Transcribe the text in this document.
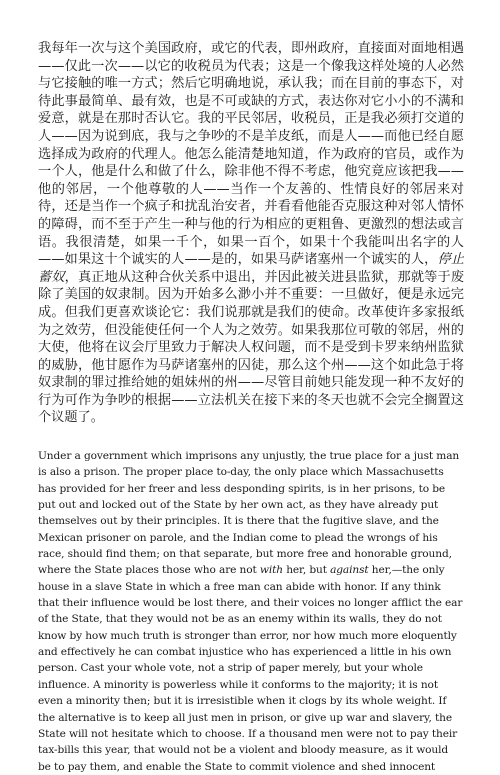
我每年一次与这个美国政府，或它的代表，即州政府，直接面对面地相遇——仅此一次——以它的收税员为代表；这是一个像我这样处境的人必然与它接触的唯一方式；然后它明确地说，承认我；而在目前的事态下，对待此事最简单、最有效，也是不可或缺的方式，表达你对它小小的不满和爱意，就是在那时否认它。我的平民邻居，收税员，正是我必须打交道的人——因为说到底，我与之争吵的不是羊皮纸，而是人——而他已经自愿选择成为政府的代理人。他怎么能清楚地知道，作为政府的官员，或作为一个人，他是什么和做了什么，除非他不得不考虑，他究竟应该把我——他的邻居，一个他尊敬的人——当作一个友善的、性情良好的邻居来对待，还是当作一个疯子和扰乱治安者，并看看他能否克服这种对邻人情怀的障碍，而不至于产生一种与他的行为相应的更粗鲁、更激烈的想法或言语。我很清楚，如果一千个，如果一百个，如果十个我能叫出名字的人——如果这十个诚实的人——是的，如果马萨诸塞州一个诚实的人，停止蓄奴，真正地从这种合伙关系中退出，并因此被关进县监狱，那就等于废除了美国的奴隶制。因为开始多么渺小并不重要：一旦做好，便是永远完成。但我们更喜欢谈论它：我们说那就是我们的使命。改革使许多家报纸为之效劳，但没能使任何一个人为之效劳。如果我那位可敬的邻居，州的大使，他将在议会厅里致力于解决人权问题，而不是受到卡罗来纳州监狱的威胁，他甘愿作为马萨诸塞州的囚徒，那么这个州——这个如此急于将奴隶制的罪过推给她的姐妹州的州——尽管目前她只能发现一种不友好的行为可作为争吵的根据——立法机关在接下来的冬天也就不会完全搁置这个议题了。

Under a government which imprisons any unjustly, the true place for a just man is also a prison. The proper place to-day, the only place which Massachusetts has provided for her freer and less desponding spirits, is in her prisons, to be put out and locked out of the State by her own act, as they have already put themselves out by their principles. It is there that the fugitive slave, and the Mexican prisoner on parole, and the Indian come to plead the wrongs of his race, should find them; on that separate, but more free and honorable ground, where the State places those who are not with her, but against her,—the only house in a slave State in which a free man can abide with honor. If any think that their influence would be lost there, and their voices no longer afflict the ear of the State, that they would not be as an enemy within its walls, they do not know by how much truth is stronger than error, nor how much more eloquently and effectively he can combat injustice who has experienced a little in his own person. Cast your whole vote, not a strip of paper merely, but your whole influence. A minority is powerless while it conforms to the majority; it is not even a minority then; but it is irresistible when it clogs by its whole weight. If the alternative is to keep all just men in prison, or give up war and slavery, the State will not hesitate which to choose. If a thousand men were not to pay their tax-bills this year, that would not be a violent and bloody measure, as it would be to pay them, and enable the State to commit violence and shed innocent
